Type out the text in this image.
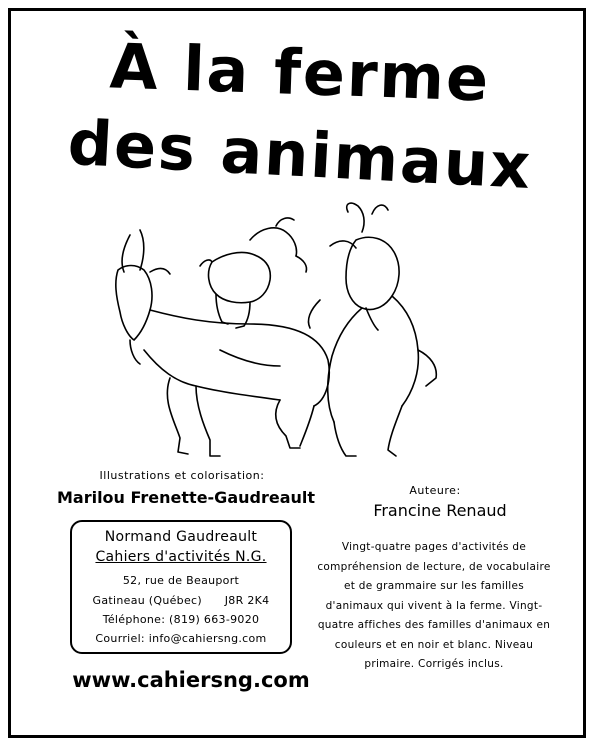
À la ferme
des animaux
Illustrations et colorisation:
Marilou Frenette-Gaudreault	Auteure:
Francine Renaud
Normand Gaudreault
Cahiers d'activités N.G.
52, rue de Beauport
Gatineau (Québec) J8R 2K4
Téléphone: (819) 663-9020
Courriel: info@cahiersng.com
Vingt-quatre pages d'activités de compréhension de lecture, de vocabulaire et de grammaire sur les familles d'animaux qui vivent à la ferme. Vingt-quatre affiches des familles d'animaux en couleurs et en noir et blanc. Niveau primaire. Corrigés inclus.
www.cahiersng.com
